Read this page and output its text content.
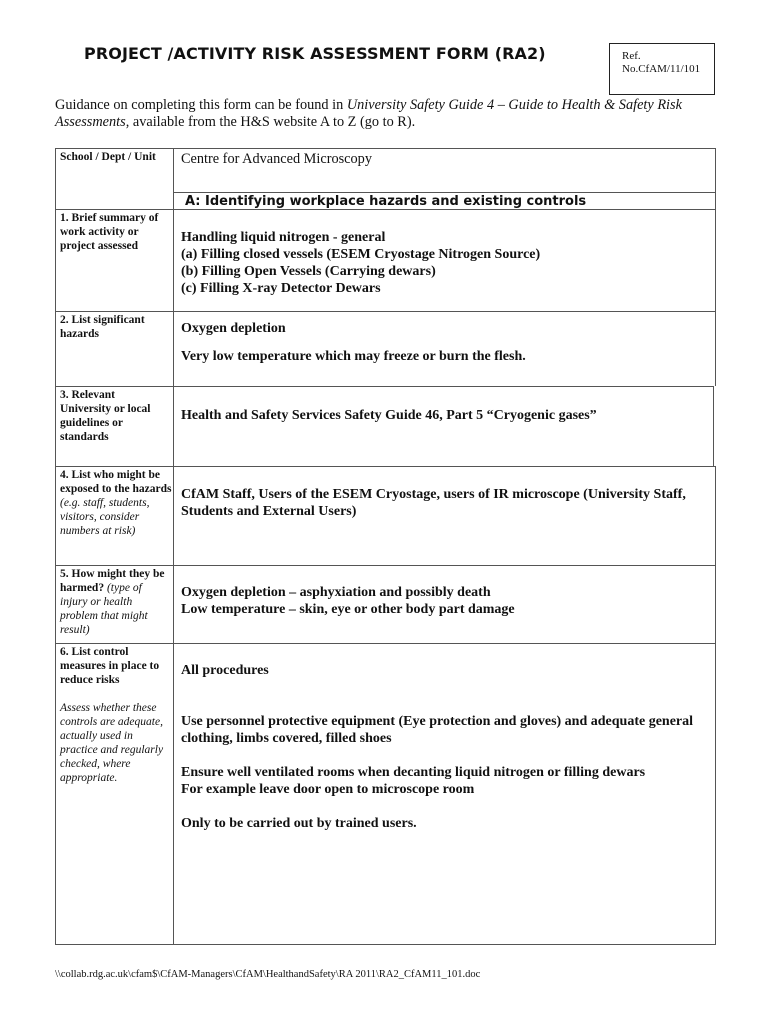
PROJECT /ACTIVITY RISK ASSESSMENT FORM (RA2)	Ref.
No.CfAM/11/101
Guidance on completing this form can be found in University Safety Guide 4 – Guide to Health & Safety Risk Assessments, available from the H&S website A to Z (go to R).
School / Dept / Unit Centre for Advanced Microscopy
A: Identifying workplace hazards and existing controls
1. Brief summary of work activity or project assessed
Handling liquid nitrogen - general
(a) Filling closed vessels (ESEM Cryostage Nitrogen Source)
(b) Filling Open Vessels (Carrying dewars)
(c) Filling X-ray Detector Dewars
2. List significant hazards	Oxygen depletion
Very low temperature which may freeze or burn the flesh.
3. Relevant University or local guidelines or standards
Health and Safety Services Safety Guide 46, Part 5 “Cryogenic gases”
4. List who might be exposed to the hazards (e.g. staff, students, visitors, consider numbers at risk)
CfAM Staff, Users of the ESEM Cryostage, users of IR microscope (University Staff, Students and External Users)
5. How might they be harmed? (type of injury or health problem that might result)
Oxygen depletion – asphyxiation and possibly death
Low temperature – skin, eye or other body part damage
6. List control measures in place to reduce risks
Assess whether these controls are adequate, actually used in practice and regularly checked, where appropriate.
All procedures
Use personnel protective equipment (Eye protection and gloves) and adequate general clothing, limbs covered, filled shoes
Ensure well ventilated rooms when decanting liquid nitrogen or filling dewars
For example leave door open to microscope room
Only to be carried out by trained users.
\\collab.rdg.ac.uk\cfam$\CfAM-Managers\CfAM\HealthandSafety\RA 2011\RA2_CfAM11_101.doc
